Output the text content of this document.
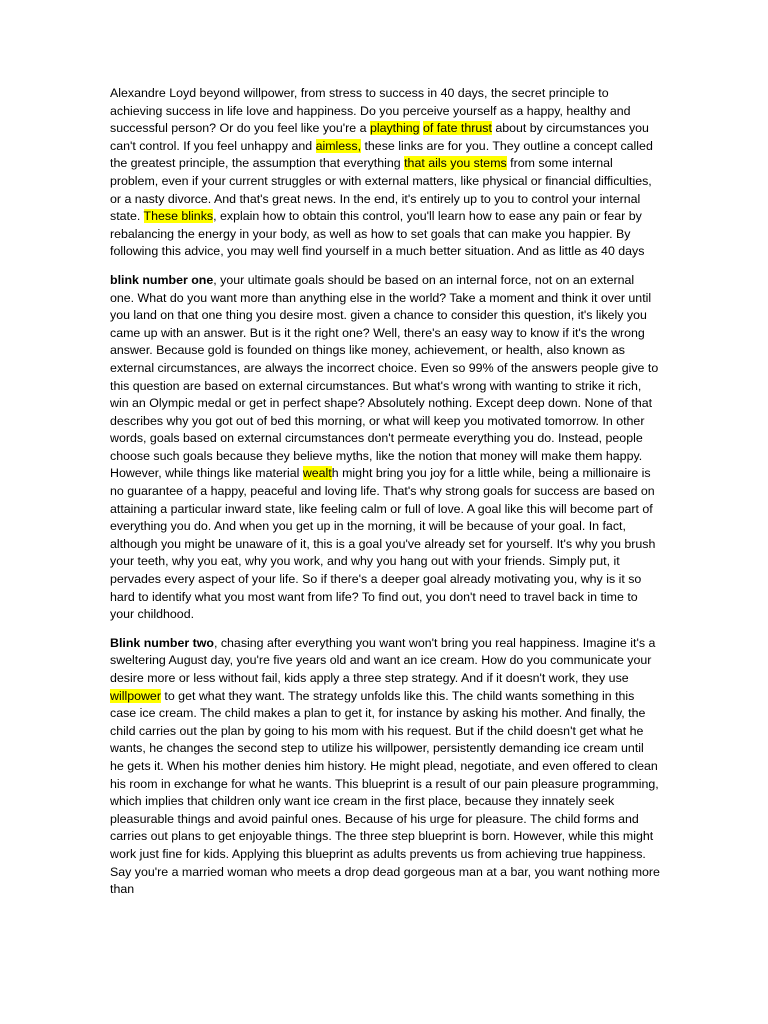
Alexandre Loyd beyond willpower, from stress to success in 40 days, the secret principle to achieving success in life love and happiness. Do you perceive yourself as a happy, healthy and successful person? Or do you feel like you're a plaything of fate thrust about by circumstances you can't control. If you feel unhappy and aimless, these links are for you. They outline a concept called the greatest principle, the assumption that everything that ails you stems from some internal problem, even if your current struggles or with external matters, like physical or financial difficulties, or a nasty divorce. And that's great news. In the end, it's entirely up to you to control your internal state. These blinks, explain how to obtain this control, you'll learn how to ease any pain or fear by rebalancing the energy in your body, as well as how to set goals that can make you happier. By following this advice, you may well find yourself in a much better situation. And as little as 40 days

blink number one, your ultimate goals should be based on an internal force, not on an external one. What do you want more than anything else in the world? Take a moment and think it over until you land on that one thing you desire most. given a chance to consider this question, it's likely you came up with an answer. But is it the right one? Well, there's an easy way to know if it's the wrong answer. Because gold is founded on things like money, achievement, or health, also known as external circumstances, are always the incorrect choice. Even so 99% of the answers people give to this question are based on external circumstances. But what's wrong with wanting to strike it rich, win an Olympic medal or get in perfect shape? Absolutely nothing. Except deep down. None of that describes why you got out of bed this morning, or what will keep you motivated tomorrow. In other words, goals based on external circumstances don't permeate everything you do. Instead, people choose such goals because they believe myths, like the notion that money will make them happy. However, while things like material wealth might bring you joy for a little while, being a millionaire is no guarantee of a happy, peaceful and loving life. That's why strong goals for success are based on attaining a particular inward state, like feeling calm or full of love. A goal like this will become part of everything you do. And when you get up in the morning, it will be because of your goal. In fact, although you might be unaware of it, this is a goal you've already set for yourself. It's why you brush your teeth, why you eat, why you work, and why you hang out with your friends. Simply put, it pervades every aspect of your life. So if there's a deeper goal already motivating you, why is it so hard to identify what you most want from life? To find out, you don't need to travel back in time to your childhood.

Blink number two, chasing after everything you want won't bring you real happiness. Imagine it's a sweltering August day, you're five years old and want an ice cream. How do you communicate your desire more or less without fail, kids apply a three step strategy. And if it doesn't work, they use willpower to get what they want. The strategy unfolds like this. The child wants something in this case ice cream. The child makes a plan to get it, for instance by asking his mother. And finally, the child carries out the plan by going to his mom with his request. But if the child doesn't get what he wants, he changes the second step to utilize his willpower, persistently demanding ice cream until he gets it. When his mother denies him history. He might plead, negotiate, and even offered to clean his room in exchange for what he wants. This blueprint is a result of our pain pleasure programming, which implies that children only want ice cream in the first place, because they innately seek pleasurable things and avoid painful ones. Because of his urge for pleasure. The child forms and carries out plans to get enjoyable things. The three step blueprint is born. However, while this might work just fine for kids. Applying this blueprint as adults prevents us from achieving true happiness. Say you're a married woman who meets a drop dead gorgeous man at a bar, you want nothing more than
